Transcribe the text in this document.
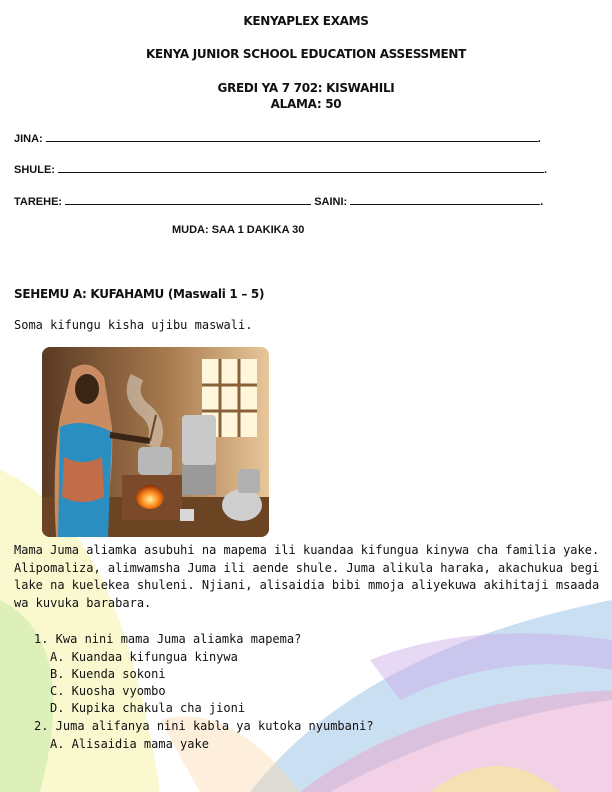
KENYAPLEX EXAMS
KENYA JUNIOR SCHOOL EDUCATION ASSESSMENT
GREDI YA 7 702: KISWAHILI
ALAMA: 50
JINA:	.
SHULE:	.
TAREHE:	SAINI:	.
MUDA: SAA 1 DAKIKA 30
SEHEMU A: KUFAHAMU (Maswali 1 – 5)
Soma kifungu kisha ujibu maswali.
Mama Juma aliamka asubuhi na mapema ili kuandaa kifungua kinywa cha familia yake.
Alipomaliza, alimwamsha Juma ili aende shule. Juma alikula haraka, akachukua begi
lake na kuelekea shuleni. Njiani, alisaidia bibi mmoja aliyekuwa akihitaji msaada
wa kuvuka barabara.
1. Kwa nini mama Juma aliamka mapema?
A. Kuandaa kifungua kinywa
B. Kuenda sokoni
C. Kuosha vyombo
D. Kupika chakula cha jioni
2. Juma alifanya nini kabla ya kutoka nyumbani?
A. Alisaidia mama yake
